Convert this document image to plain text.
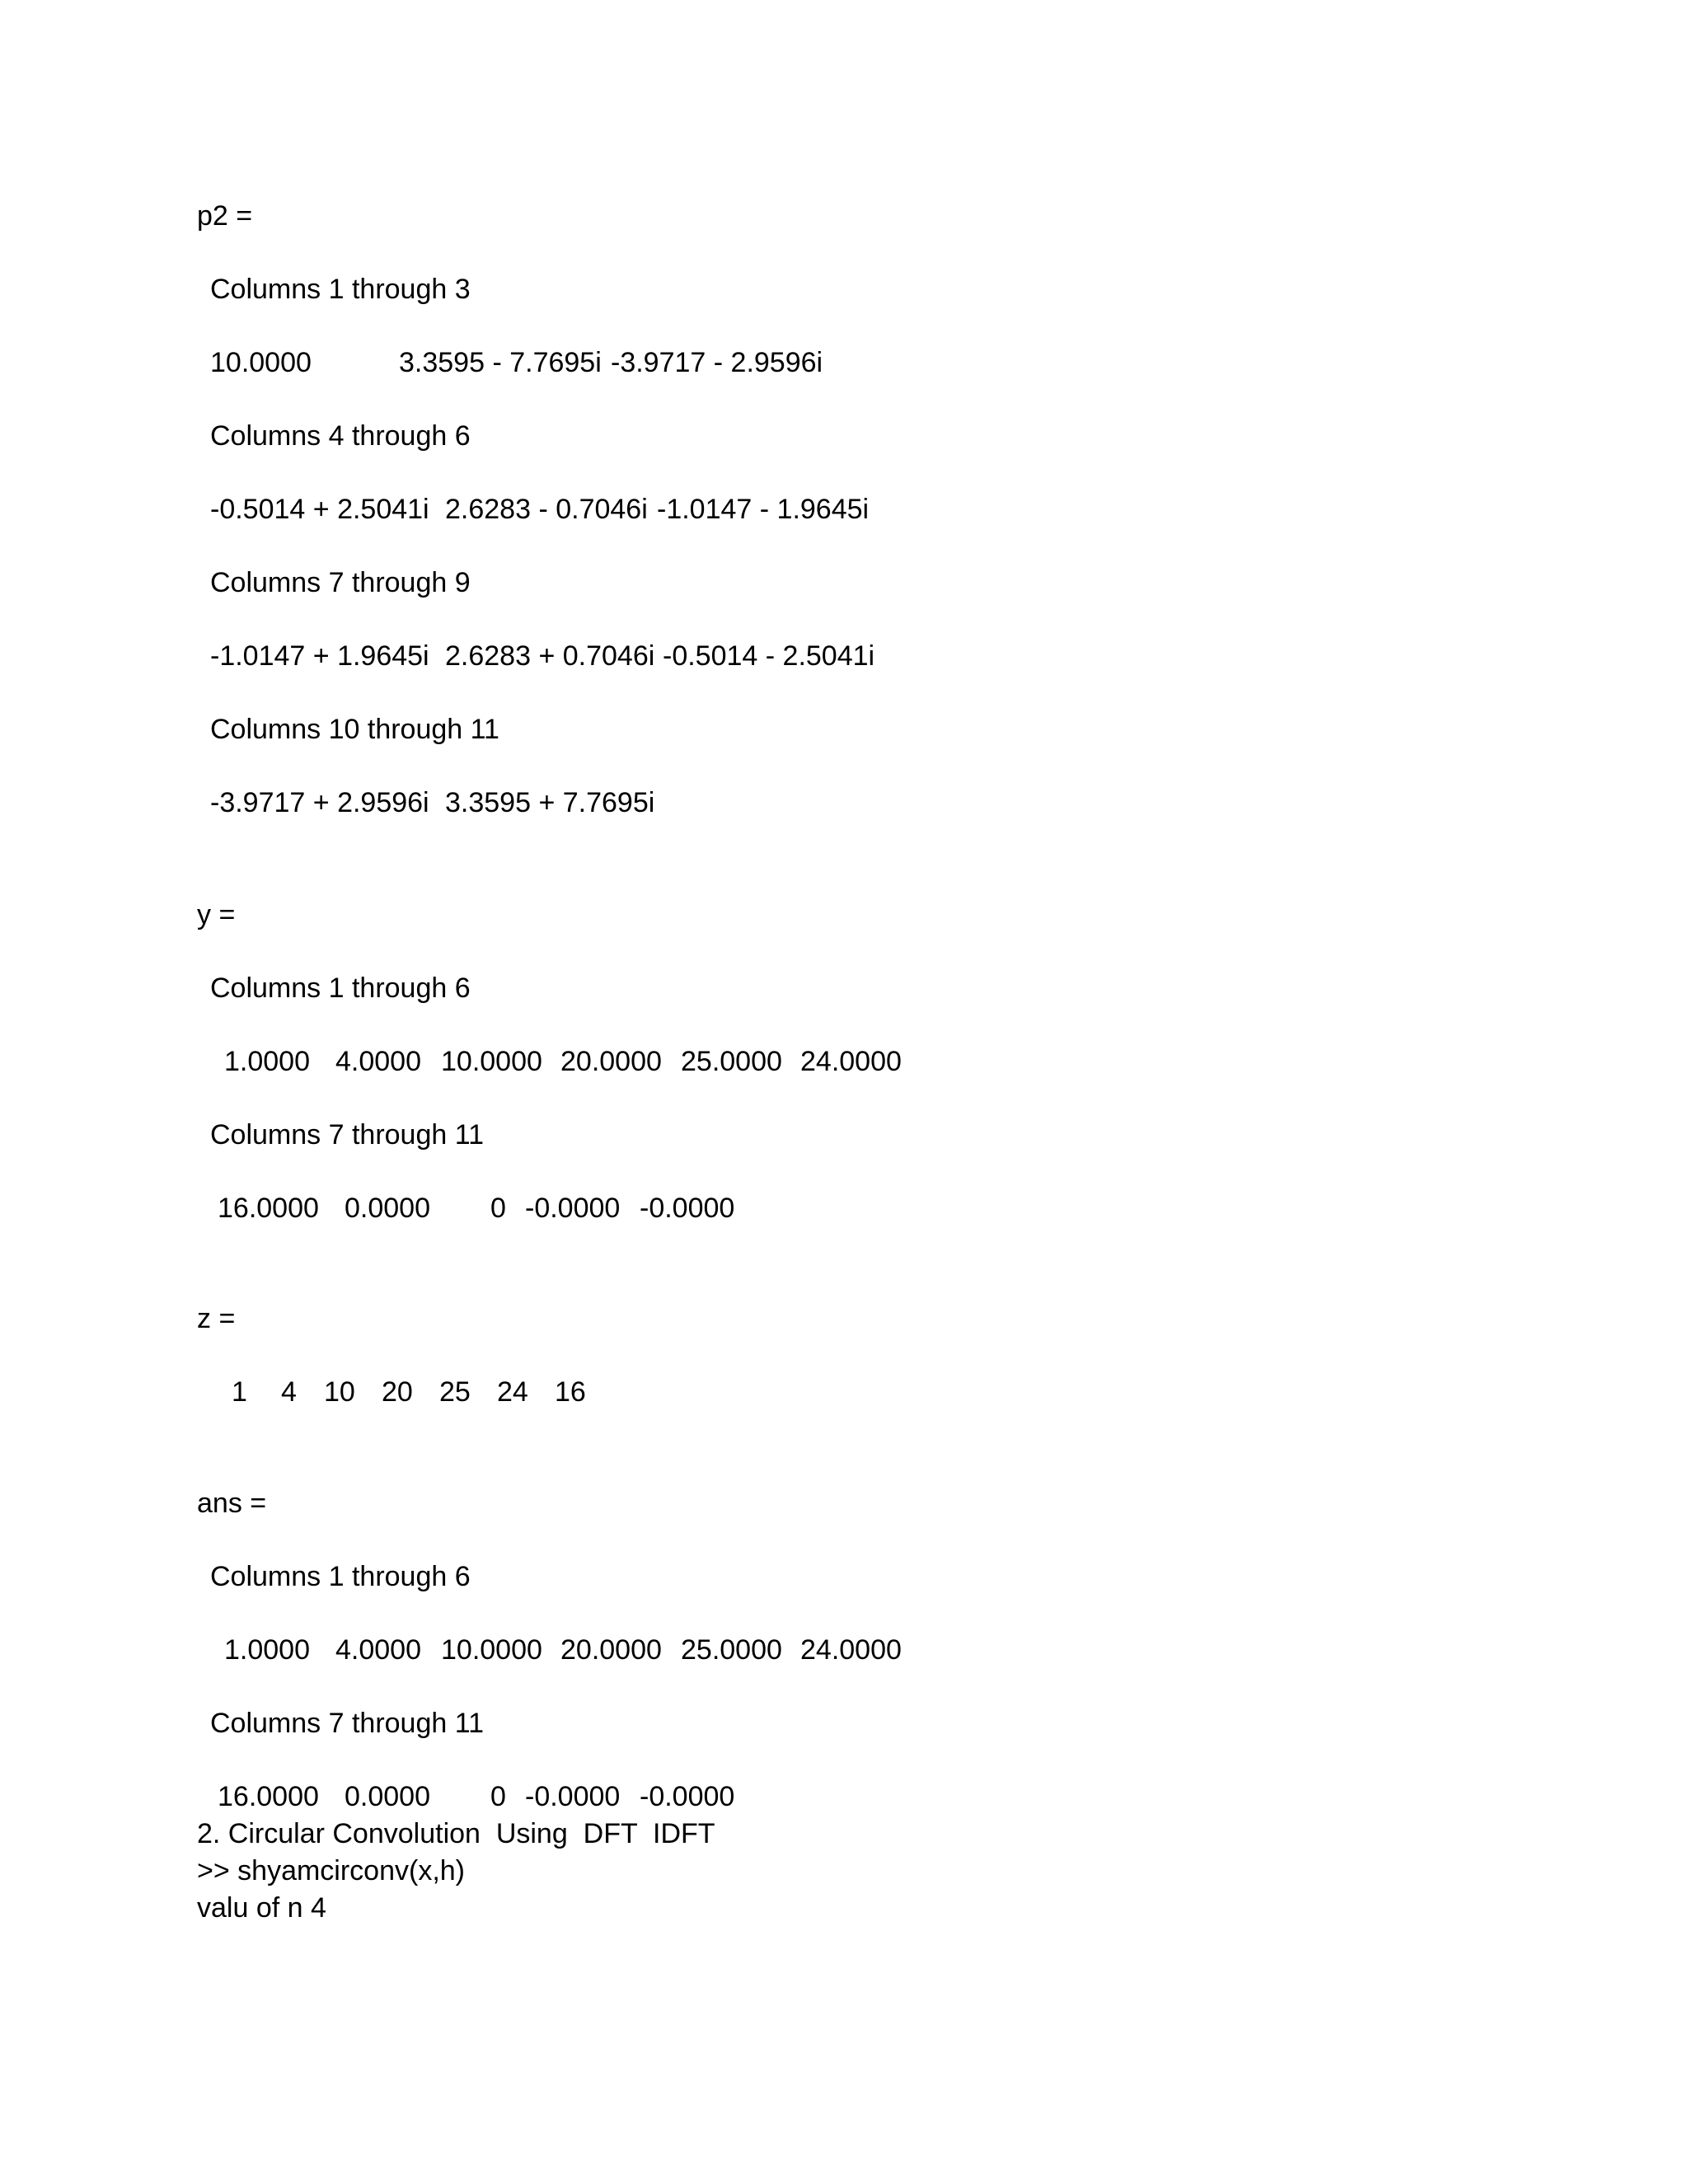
p2 =
Columns 1 through 3

10.0000

	3.3595 - 7.7695i

-3.9717 - 2.9596i

Columns 4 through 6

-0.5014 + 2.5041i

2.6283 - 0.7046i

-1.0147 - 1.9645i

Columns 7 through 9

-1.0147 + 1.9645i

2.6283 + 0.7046i

-0.5014 - 2.5041i

Columns 10 through 11

-3.9717 + 2.9596i

3.3595 + 7.7695i

y =
Columns 1 through 6

1.0000

4.0000

10.0000

20.0000

25.0000

24.0000

Columns 7 through 11

16.0000

0.0000

0

-0.0000

-0.0000

z =

1

4

10

20

25

24

16

ans =
Columns 1 through 6

1.0000

4.0000

10.0000

20.0000

25.0000

24.0000

Columns 7 through 11

16.0000

0.0000

0

-0.0000

-0.0000

2. Circular Convolution  Using  DFT  IDFT
>> shyamcirconv(x,h)
valu of n 4
